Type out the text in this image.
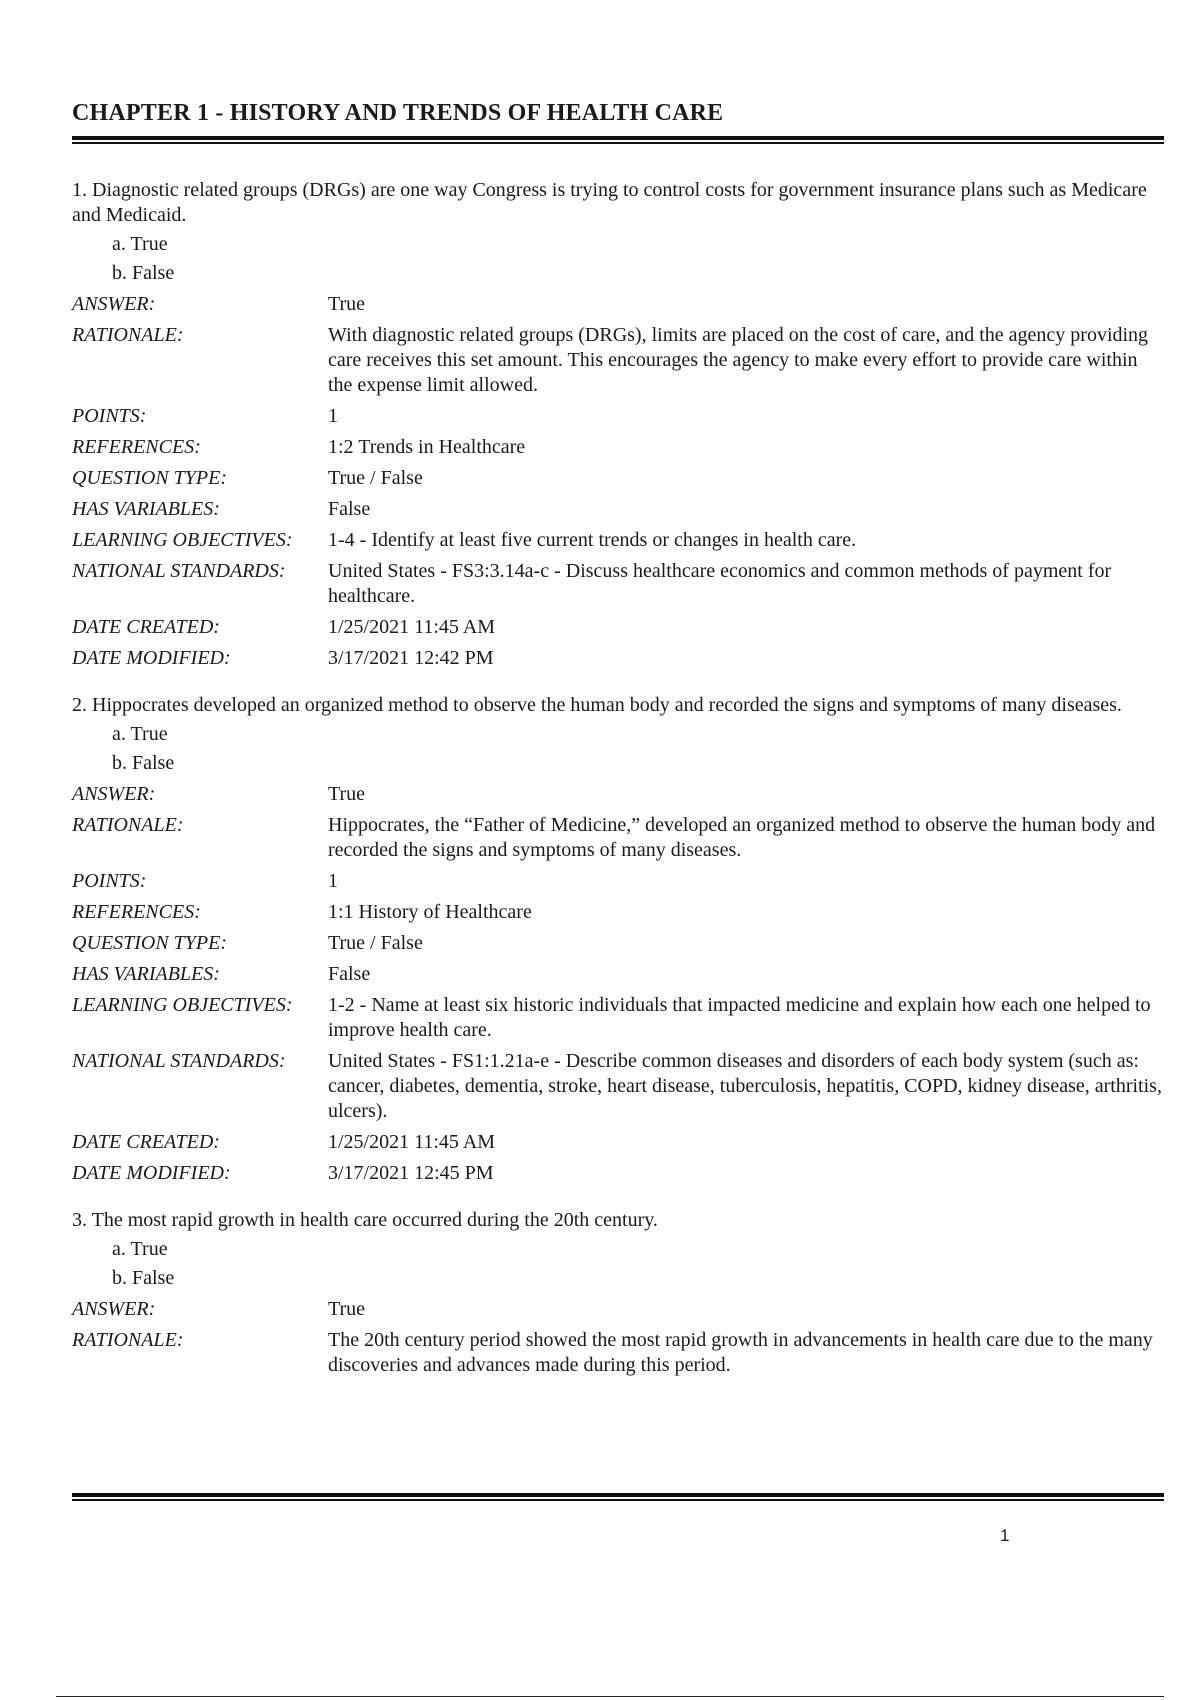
CHAPTER 1 - HISTORY AND TRENDS OF HEALTH CARE

1. Diagnostic related groups (DRGs) are one way Congress is trying to control costs for government insurance plans such as Medicare and Medicaid.

a. True
b. False
ANSWER:	True
RATIONALE:	With diagnostic related groups (DRGs), limits are placed on the cost of care, and the agency providing care receives this set amount. This encourages the agency to make every effort to provide care within the expense limit allowed.
POINTS:	1
REFERENCES:	1:2 Trends in Healthcare
QUESTION TYPE:	True / False
HAS VARIABLES:	False
LEARNING OBJECTIVES:	1-4 - Identify at least five current trends or changes in health care.
NATIONAL STANDARDS:	United States - FS3:3.14a-c - Discuss healthcare economics and common methods of payment for healthcare.
DATE CREATED:	1/25/2021 11:45 AM
DATE MODIFIED:	3/17/2021 12:42 PM

2. Hippocrates developed an organized method to observe the human body and recorded the signs and symptoms of many diseases.

a. True
b. False
ANSWER:	True
RATIONALE:	Hippocrates, the “Father of Medicine,” developed an organized method to observe the human body and recorded the signs and symptoms of many diseases.
POINTS:	1
REFERENCES:	1:1 History of Healthcare
QUESTION TYPE:	True / False
HAS VARIABLES:	False
LEARNING OBJECTIVES:	1-2 - Name at least six historic individuals that impacted medicine and explain how each one helped to improve health care.
NATIONAL STANDARDS:	United States - FS1:1.21a-e - Describe common diseases and disorders of each body system (such as: cancer, diabetes, dementia, stroke, heart disease, tuberculosis, hepatitis, COPD, kidney disease, arthritis, ulcers).
DATE CREATED:	1/25/2021 11:45 AM
DATE MODIFIED:	3/17/2021 12:45 PM

3. The most rapid growth in health care occurred during the 20th century.

a. True
b. False
ANSWER:	True
RATIONALE:	The 20th century period showed the most rapid growth in advancements in health care due to the many discoveries and advances made during this period.
1
